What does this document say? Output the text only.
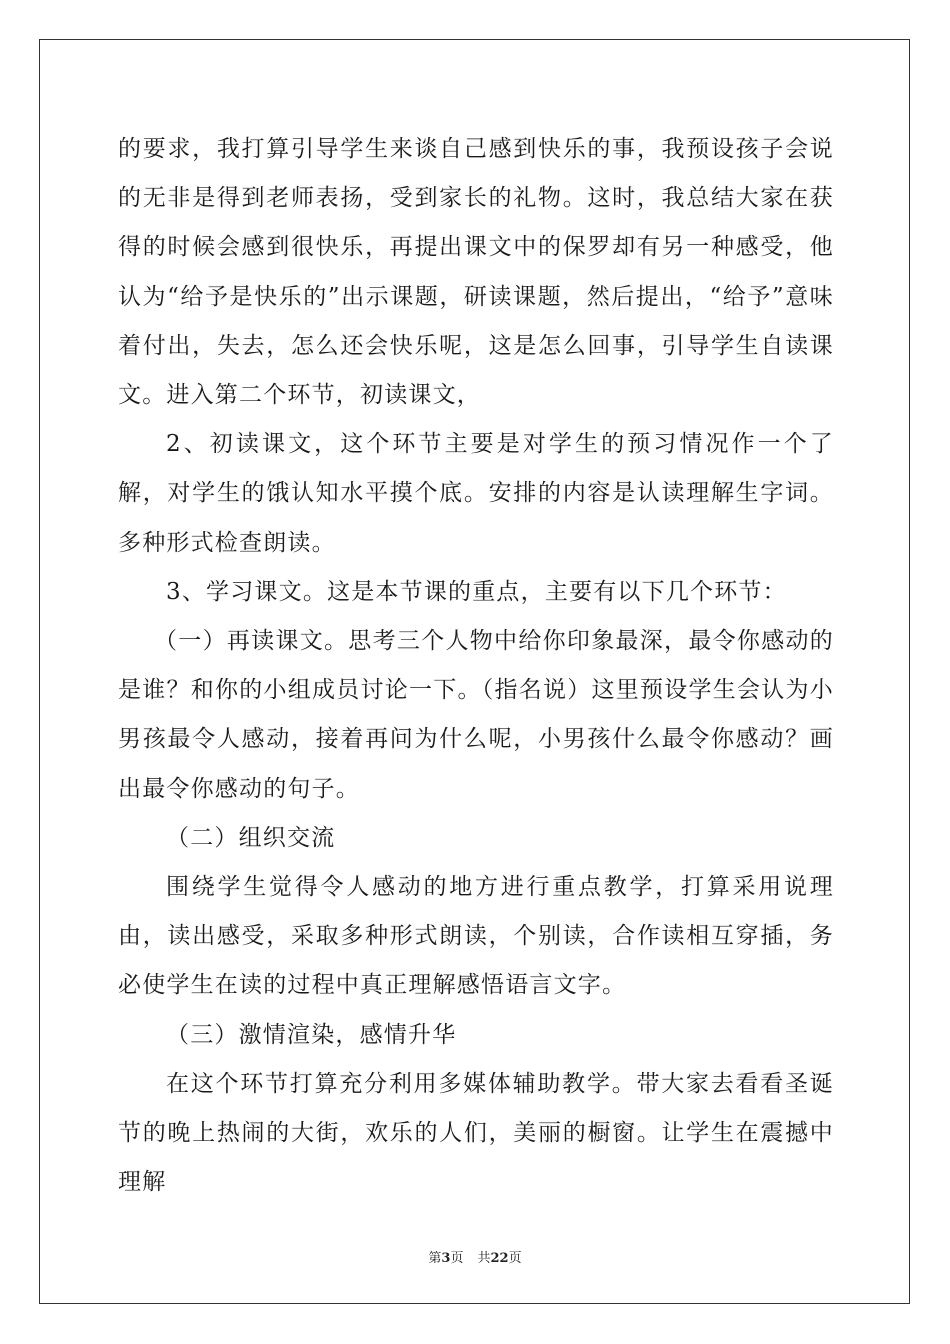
的要求，我打算引导学生来谈自己感到快乐的事，我预设孩子会说的无非是得到老师表扬，受到家长的礼物。这时，我总结大家在获得的时候会感到很快乐，再提出课文中的保罗却有另一种感受，他认为“给予是快乐的”出示课题，研读课题，然后提出，“给予”意味着付出，失去，怎么还会快乐呢，这是怎么回事，引导学生自读课文。进入第二个环节，初读课文，

2、初读课文，这个环节主要是对学生的预习情况作一个了解，对学生的饿认知水平摸个底。安排的内容是认读理解生字词。多种形式检查朗读。

3、学习课文。这是本节课的重点，主要有以下几个环节：

（一）再读课文。思考三个人物中给你印象最深，最令你感动的是谁？和你的小组成员讨论一下。（指名说）这里预设学生会认为小男孩最令人感动，接着再问为什么呢，小男孩什么最令你感动？画出最令你感动的句子。

（二）组织交流

围绕学生觉得令人感动的地方进行重点教学，打算采用说理由，读出感受，采取多种形式朗读，个别读，合作读相互穿插，务必使学生在读的过程中真正理解感悟语言文字。

（三）激情渲染，感情升华

在这个环节打算充分利用多媒体辅助教学。带大家去看看圣诞节的晚上热闹的大街，欢乐的人们，美丽的橱窗。让学生在震撼中理解

第3页 共22页
